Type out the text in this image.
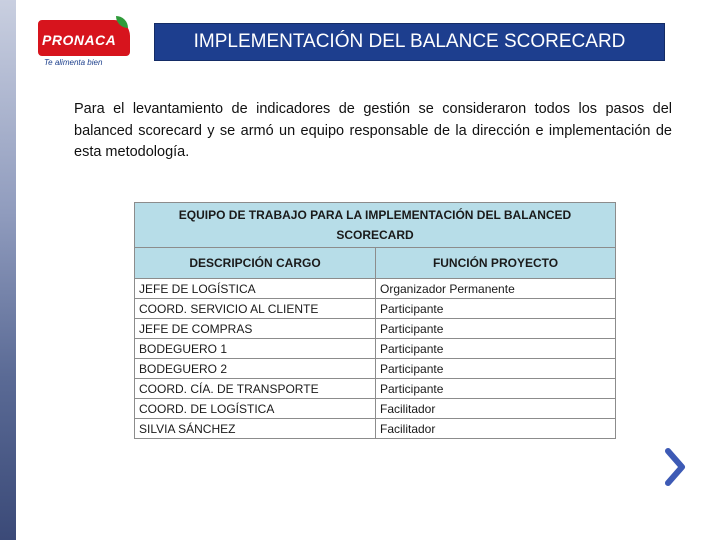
PRONACA
Te alimenta bien
IMPLEMENTACIÓN DEL BALANCE SCORECARD
Para el levantamiento de indicadores de gestión se consideraron todos los pasos del balanced scorecard y se armó un equipo responsable de la dirección e implementación de esta metodología.
EQUIPO DE TRABAJO PARA LA IMPLEMENTACIÓN DEL BALANCED SCORECARD	
DESCRIPCIÓN CARGO	FUNCIÓN PROYECTO
JEFE DE LOGÍSTICA	Organizador Permanente
COORD. SERVICIO AL CLIENTE	Participante
JEFE DE COMPRAS	Participante
BODEGUERO 1	Participante
BODEGUERO 2	Participante
COORD. CÍA. DE TRANSPORTE	Participante
COORD. DE LOGÍSTICA	Facilitador
SILVIA SÁNCHEZ	Facilitador
